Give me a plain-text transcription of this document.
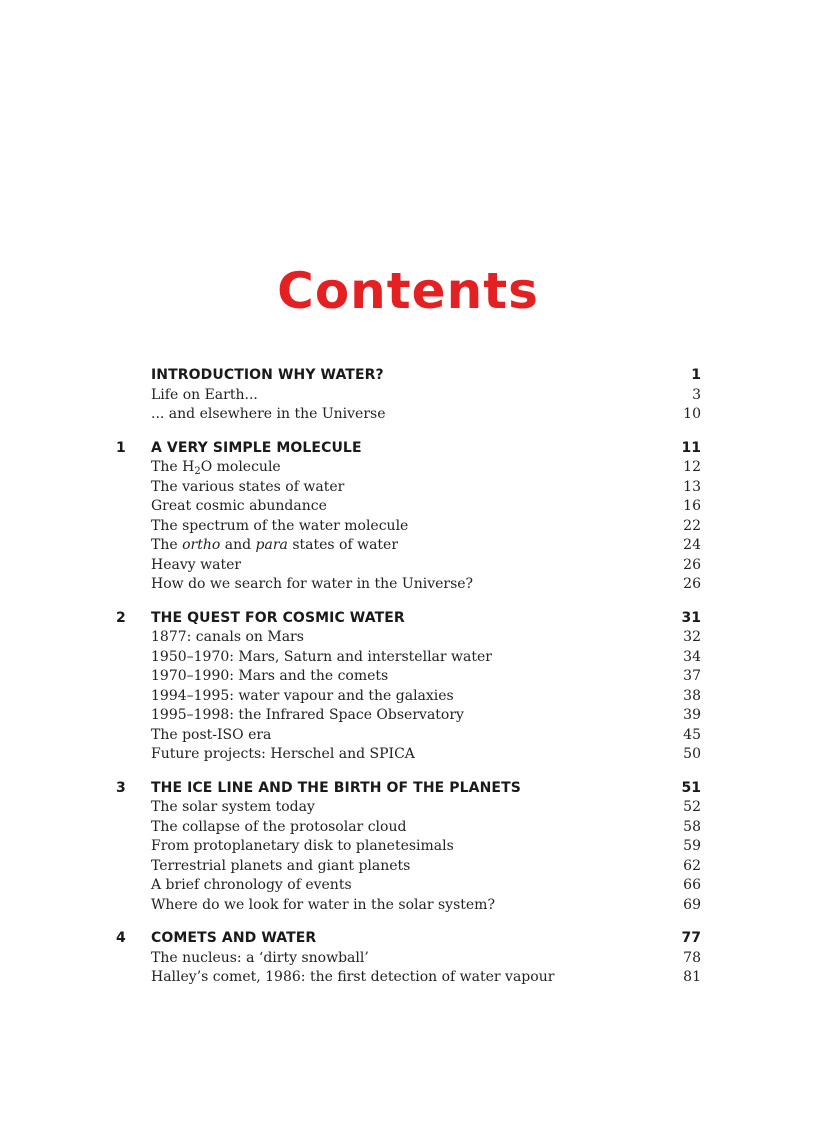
Contents
INTRODUCTION WHY WATER?	1
Life on Earth...	3
... and elsewhere in the Universe	10
1	A VERY SIMPLE MOLECULE	11
The $H_2O$ molecule	12
The various states of water	13
Great cosmic abundance	16
The spectrum of the water molecule	22
The ortho and para states of water	24
Heavy water	26
How do we search for water in the Universe?	26
2	THE QUEST FOR COSMIC WATER	31
1877: canals on Mars	32
1950–1970: Mars, Saturn and interstellar water	34
1970–1990: Mars and the comets	37
1994–1995: water vapour and the galaxies	38
1995–1998: the Infrared Space Observatory	39
The post-ISO era	45
Future projects: Herschel and SPICA	50
3	THE ICE LINE AND THE BIRTH OF THE PLANETS	51
The solar system today	52
The collapse of the protosolar cloud	58
From protoplanetary disk to planetesimals	59
Terrestrial planets and giant planets	62
A brief chronology of events	66
Where do we look for water in the solar system?	69
4	COMETS AND WATER	77
The nucleus: a ‘dirty snowball’	78
Halley’s comet, 1986: the first detection of water vapour	81
